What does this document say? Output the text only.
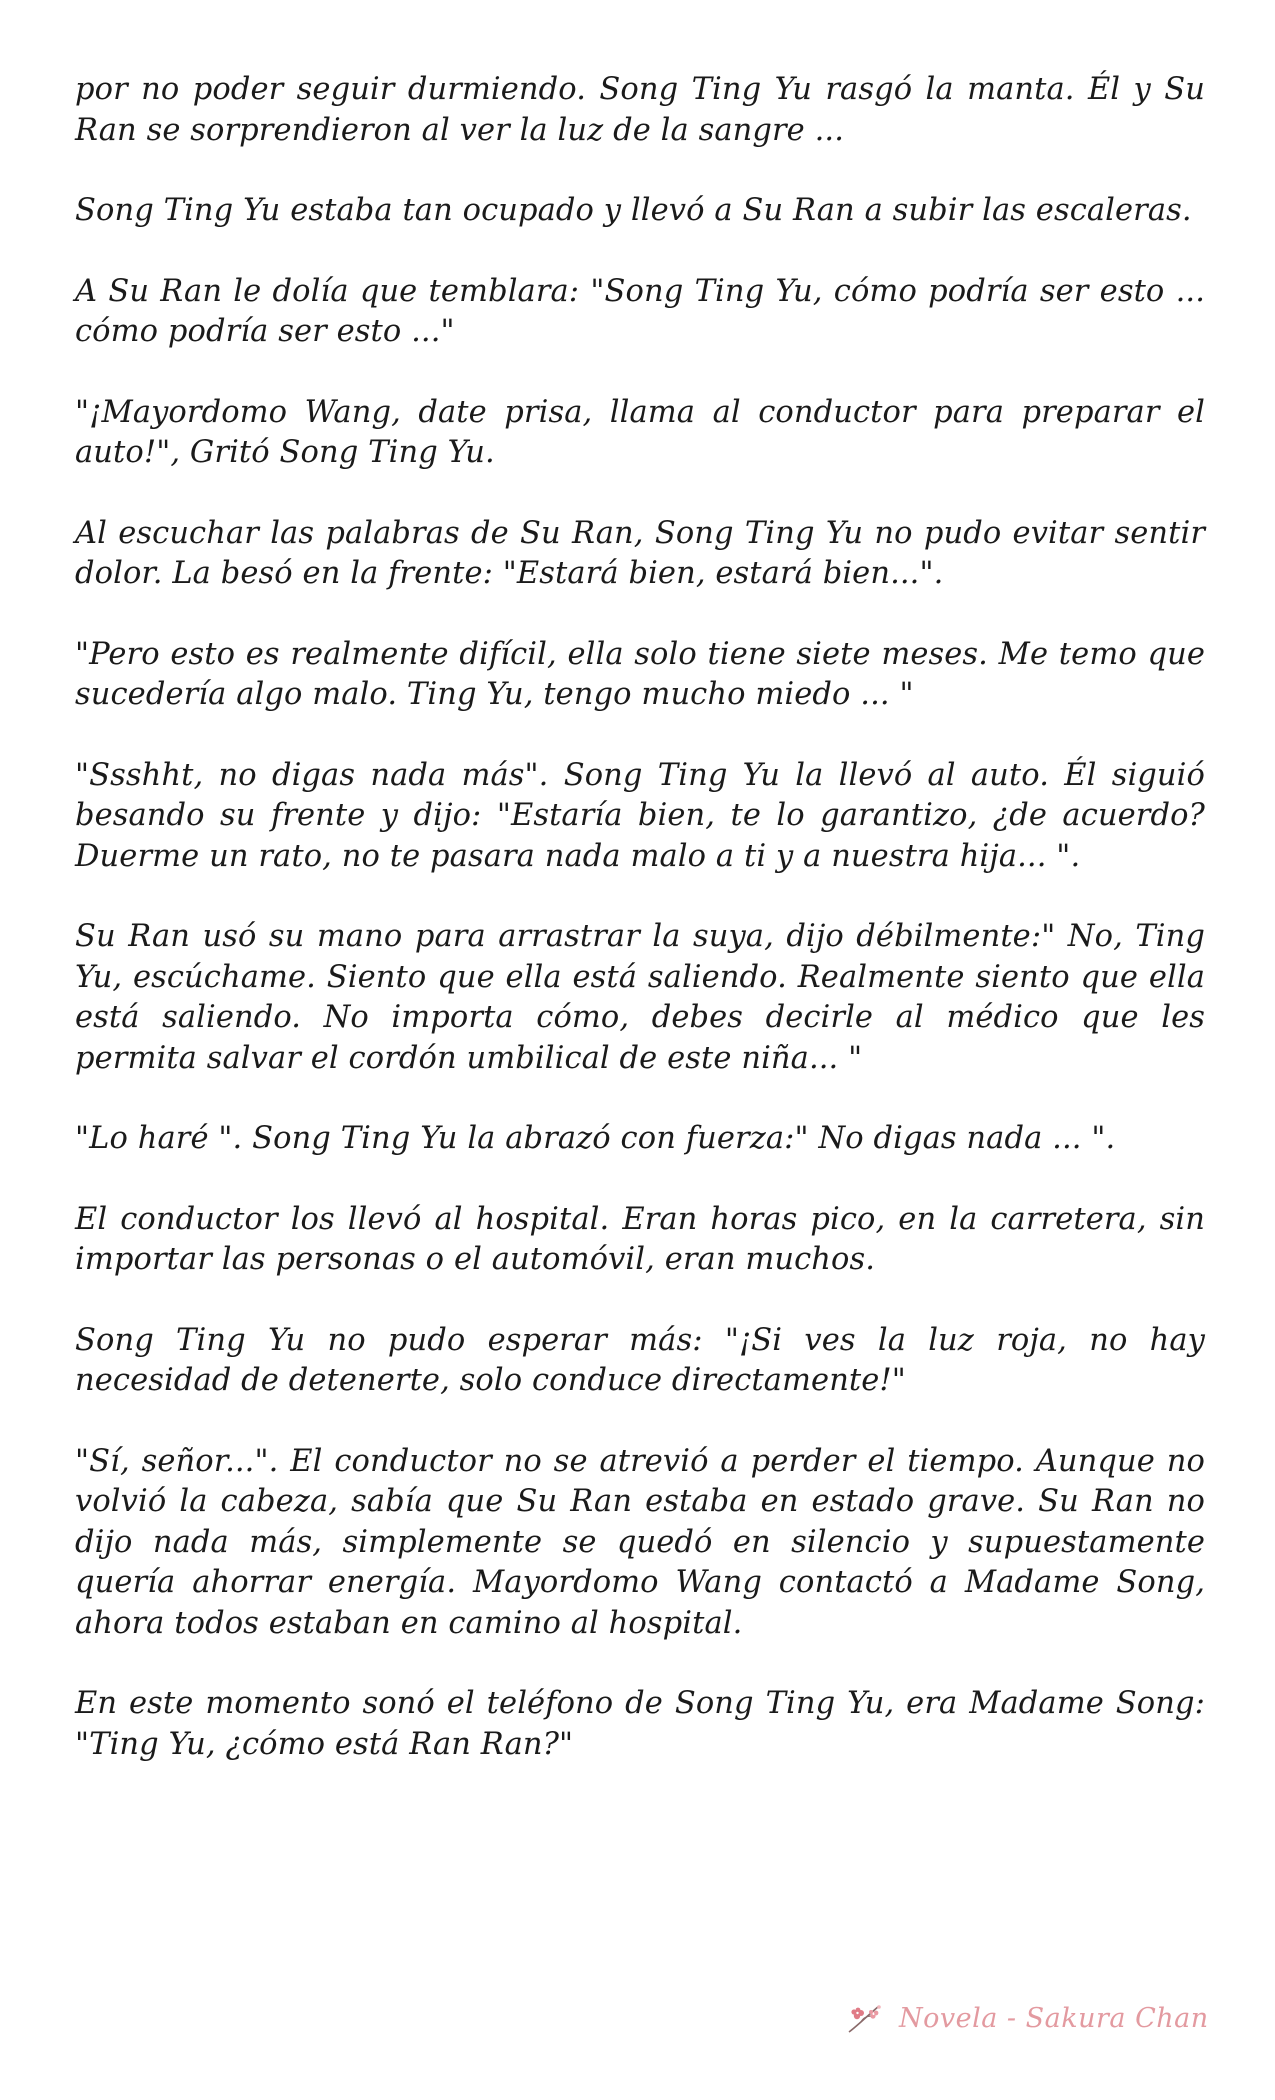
por no poder seguir durmiendo. Song Ting Yu rasgó la manta. Él y Su Ran se sorprendieron al ver la luz de la sangre ...

Song Ting Yu estaba tan ocupado y llevó a Su Ran a subir las escaleras.

A Su Ran le dolía que temblara: "Song Ting Yu, cómo podría ser esto ... cómo podría ser esto ..."

"¡Mayordomo Wang, date prisa, llama al conductor para preparar el auto!", Gritó Song Ting Yu.

Al escuchar las palabras de Su Ran, Song Ting Yu no pudo evitar sentir dolor. La besó en la frente: "Estará bien, estará bien...".

"Pero esto es realmente difícil, ella solo tiene siete meses. Me temo que sucedería algo malo. Ting Yu, tengo mucho miedo ... "

"Ssshht, no digas nada más". Song Ting Yu la llevó al auto. Él siguió besando su frente y dijo: "Estaría bien, te lo garantizo, ¿de acuerdo? Duerme un rato, no te pasara nada malo a ti y a nuestra hija... ".

Su Ran usó su mano para arrastrar la suya, dijo débilmente:" No, Ting Yu, escúchame. Siento que ella está saliendo. Realmente siento que ella está saliendo. No importa cómo, debes decirle al médico que les permita salvar el cordón umbilical de este niña... "

"Lo haré ". Song Ting Yu la abrazó con fuerza:" No digas nada ... ".

El conductor los llevó al hospital. Eran horas pico, en la carretera, sin importar las personas o el automóvil, eran muchos.

Song Ting Yu no pudo esperar más: "¡Si ves la luz roja, no hay necesidad de detenerte, solo conduce directamente!"

"Sí, señor...". El conductor no se atrevió a perder el tiempo. Aunque no volvió la cabeza, sabía que Su Ran estaba en estado grave. Su Ran no dijo nada más, simplemente se quedó en silencio y supuestamente quería ahorrar energía. Mayordomo Wang contactó a Madame Song, ahora todos estaban en camino al hospital.

En este momento sonó el teléfono de Song Ting Yu, era Madame Song: "Ting Yu, ¿cómo está Ran Ran?"

Novela - Sakura Chan
